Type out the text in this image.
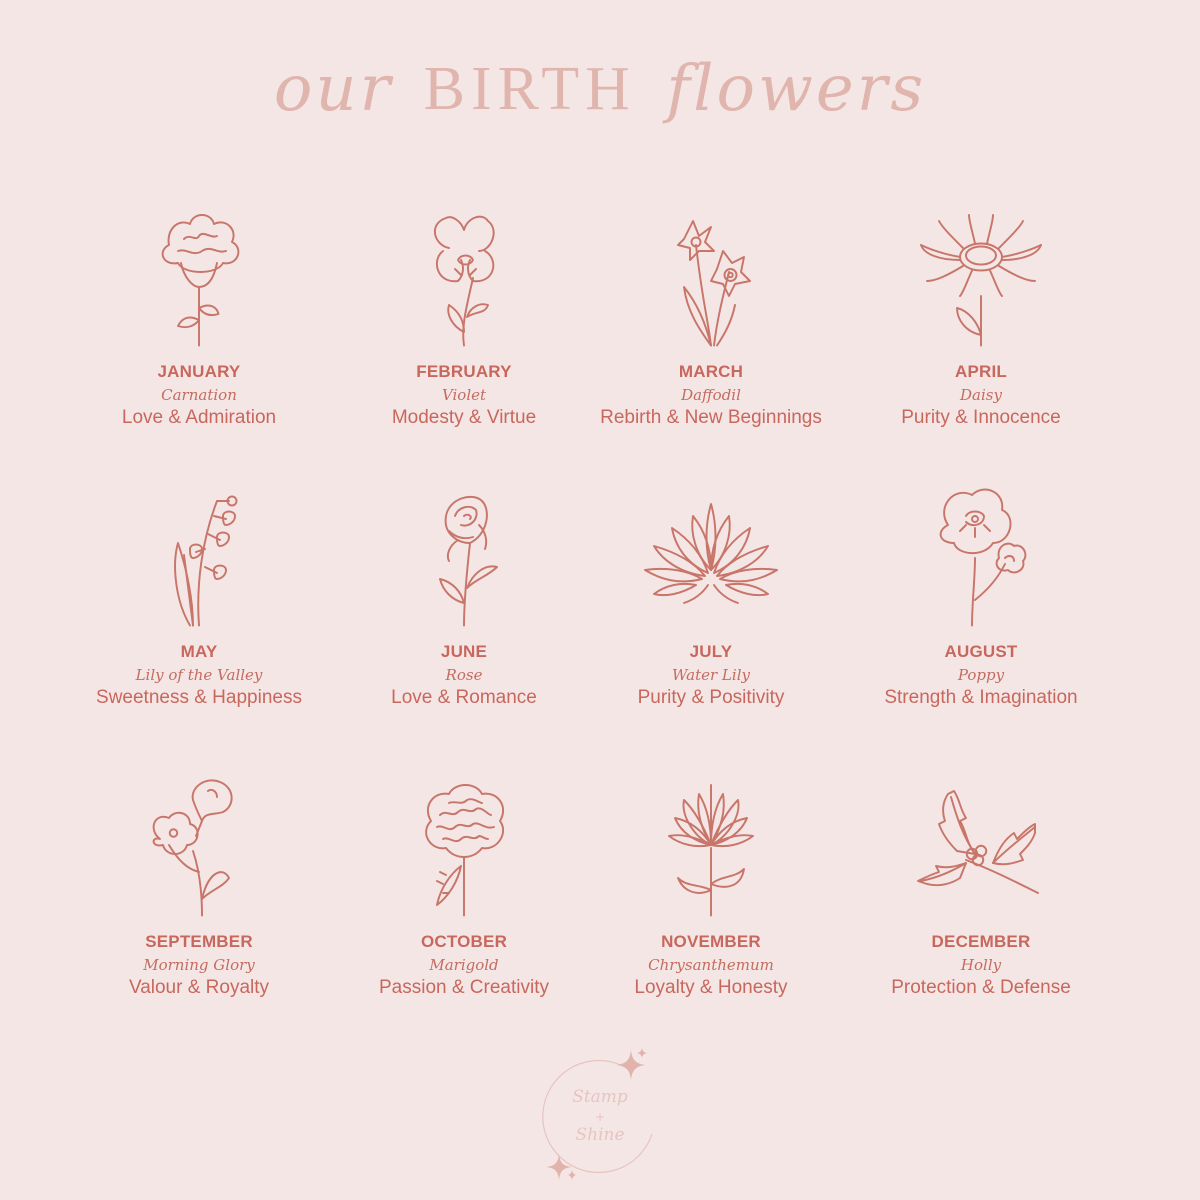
our BIRTH flowers
JANUARY
Carnation
Love & Admiration
FEBRUARY
Violet
Modesty & Virtue
MARCH
Daffodil
Rebirth & New Beginnings
APRIL
Daisy
Purity & Innocence
MAY
Lily of the Valley
Sweetness & Happiness
JUNE
Rose
Love & Romance
JULY
Water Lily
Purity & Positivity
AUGUST
Poppy
Strength & Imagination
SEPTEMBER
Morning Glory
Valour & Royalty
OCTOBER
Marigold
Passion & Creativity
NOVEMBER
Chrysanthemum
Loyalty & Honesty
DECEMBER
Holly
Protection & Defense
Stamp
+
Shine
